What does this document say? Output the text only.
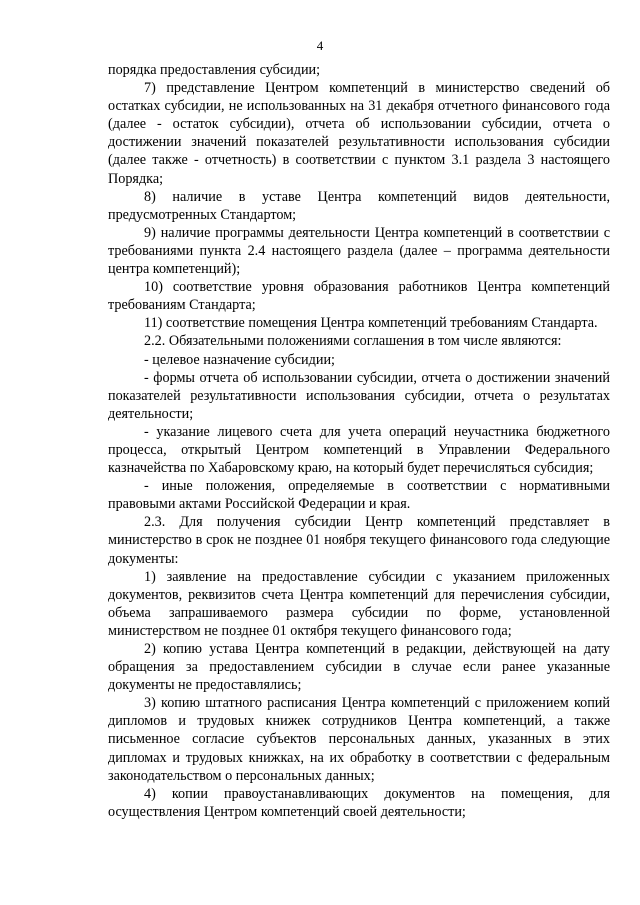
4

порядка предоставления субсидии;

7) представление Центром компетенций в министерство сведений об остатках субсидии, не использованных на 31 декабря отчетного финансового года (далее - остаток субсидии), отчета об использовании субсидии, отчета о достижении значений показателей результативности использования субсидии (далее также - отчетность) в соответствии с пунктом 3.1 раздела 3 настоящего Порядка;

8) наличие в уставе Центра компетенций видов деятельности, предусмотренных Стандартом;

9) наличие программы деятельности Центра компетенций в соответствии с требованиями пункта 2.4 настоящего раздела (далее – программа деятельности центра компетенций);

10) соответствие уровня образования работников Центра компетенций требованиям Стандарта;

11) соответствие помещения Центра компетенций требованиям Стандарта.

2.2. Обязательными положениями соглашения в том числе являются:

- целевое назначение субсидии;

- формы отчета об использовании субсидии, отчета о достижении значений показателей результативности использования субсидии, отчета о результатах деятельности;

- указание лицевого счета для учета операций неучастника бюджетного процесса, открытый Центром компетенций в Управлении Федерального казначейства по Хабаровскому краю, на который будет перечисляться субсидия;

- иные положения, определяемые в соответствии с нормативными правовыми актами Российской Федерации и края.

2.3. Для получения субсидии Центр компетенций представляет в министерство в срок не позднее 01 ноября текущего финансового года следующие документы:

1) заявление на предоставление субсидии с указанием приложенных документов, реквизитов счета Центра компетенций для перечисления субсидии, объема запрашиваемого размера субсидии по форме, установленной министерством не позднее 01 октября текущего финансового года;

2) копию устава Центра компетенций в редакции, действующей на дату обращения за предоставлением субсидии в случае если ранее указанные документы не предоставлялись;

3) копию штатного расписания Центра компетенций с приложением копий дипломов и трудовых книжек сотрудников Центра компетенций, а также письменное согласие субъектов персональных данных, указанных в этих дипломах и трудовых книжках, на их обработку в соответствии с федеральным законодательством о персональных данных;

4) копии правоустанавливающих документов на помещения, для осуществления Центром компетенций своей деятельности;
